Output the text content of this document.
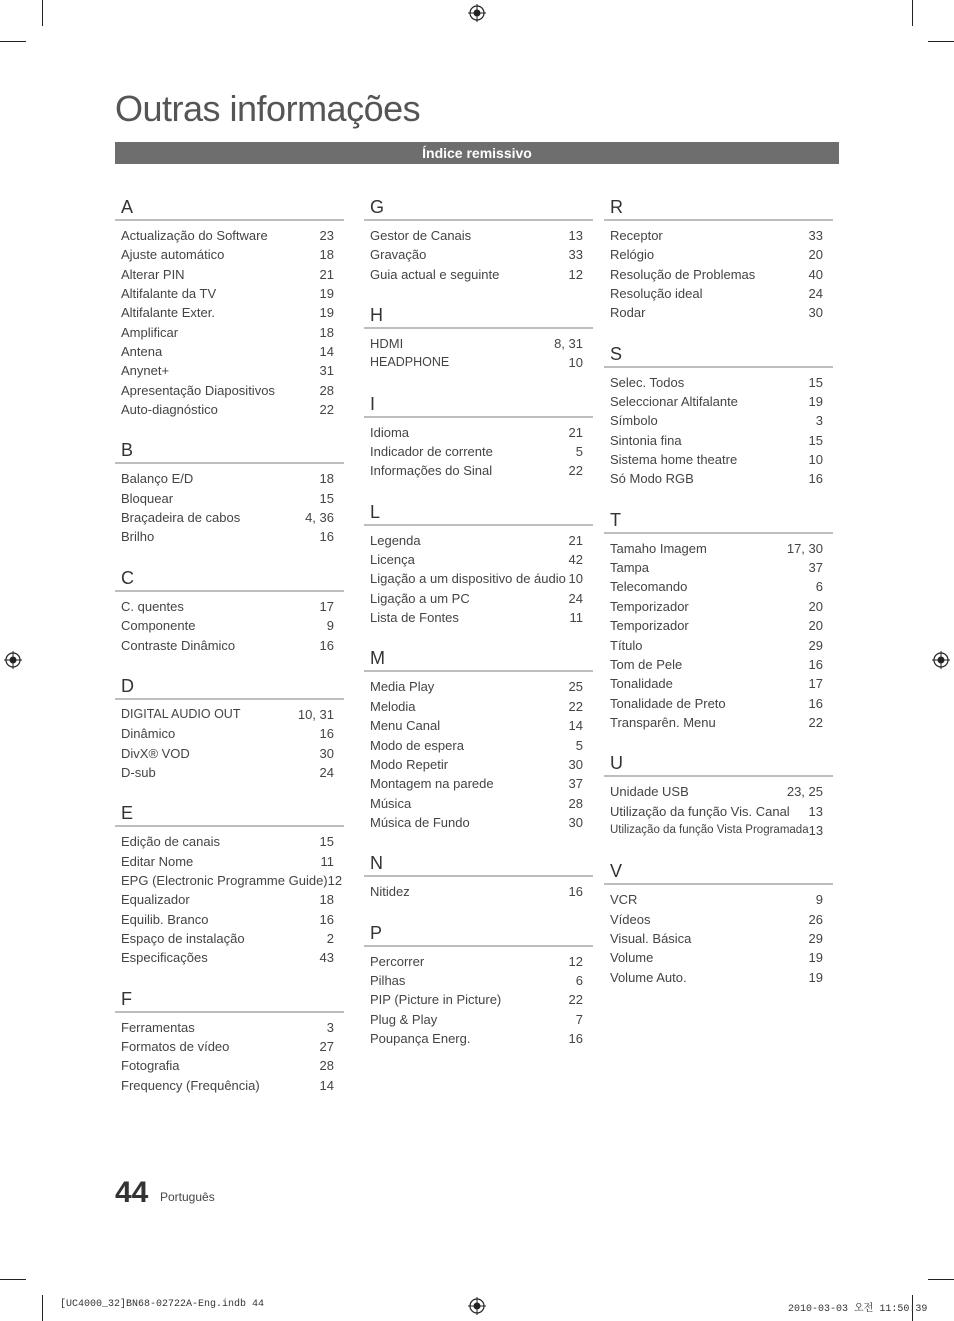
Outras informações
Índice remissivo
A
Actualização do Software	23
Ajuste automático	18
Alterar PIN	21
Altifalante da TV	19
Altifalante Exter.	19
Amplificar	18
Antena	14
Anynet+	31
Apresentação Diapositivos	28
Auto-diagnóstico	22
B
Balanço E/D	18
Bloquear	15
Braçadeira de cabos	4, 36
Brilho	16
C
C. quentes	17
Componente	9
Contraste Dinâmico	16
D
DIGITAL AUDIO OUT	10, 31
Dinâmico	16
DivX® VOD	30
D-sub	24
E
Edição de canais	15
Editar Nome	11
EPG (Electronic Programme Guide) 12
Equalizador	18
Equilib. Branco	16
Espaço de instalação	2
Especificações	43
F
Ferramentas	3
Formatos de vídeo	27
Fotografia	28
Frequency (Frequência)	14
G
Gestor de Canais	13
Gravação	33
Guia actual e seguinte	12
H
HDMI	8, 31
HEADPHONE	10
I
Idioma	21
Indicador de corrente	5
Informações do Sinal	22
L
Legenda	21
Licença	42
Ligação a um dispositivo de áudio 10
Ligação a um PC	24
Lista de Fontes	11
M
Media Play	25
Melodia	22
Menu Canal	14
Modo de espera	5
Modo Repetir	30
Montagem na parede	37
Música	28
Música de Fundo	30
N
Nitidez	16
P
Percorrer	12
Pilhas	6
PIP (Picture in Picture)	22
Plug & Play	7
Poupança Energ.	16
R
Receptor	33
Relógio	20
Resolução de Problemas	40
Resolução ideal	24
Rodar	30
S
Selec. Todos	15
Seleccionar Altifalante	19
Símbolo	3
Sintonia fina	15
Sistema home theatre	10
Só Modo RGB	16
T
Tamaho Imagem	17, 30
Tampa	37
Telecomando	6
Temporizador	20
Temporizador	20
Título	29
Tom de Pele	16
Tonalidade	17
Tonalidade de Preto	16
Transparên. Menu	22
U
Unidade USB	23, 25
Utilização da função Vis. Canal 13
Utilização da função Vista Programada 13
V
VCR	9
Vídeos	26
Visual. Básica	29
Volume	19
Volume Auto.	19
44 Português
[UC4000_32]BN68-02722A-Eng.indb 44	2010-03-03 오전 11:50:39
